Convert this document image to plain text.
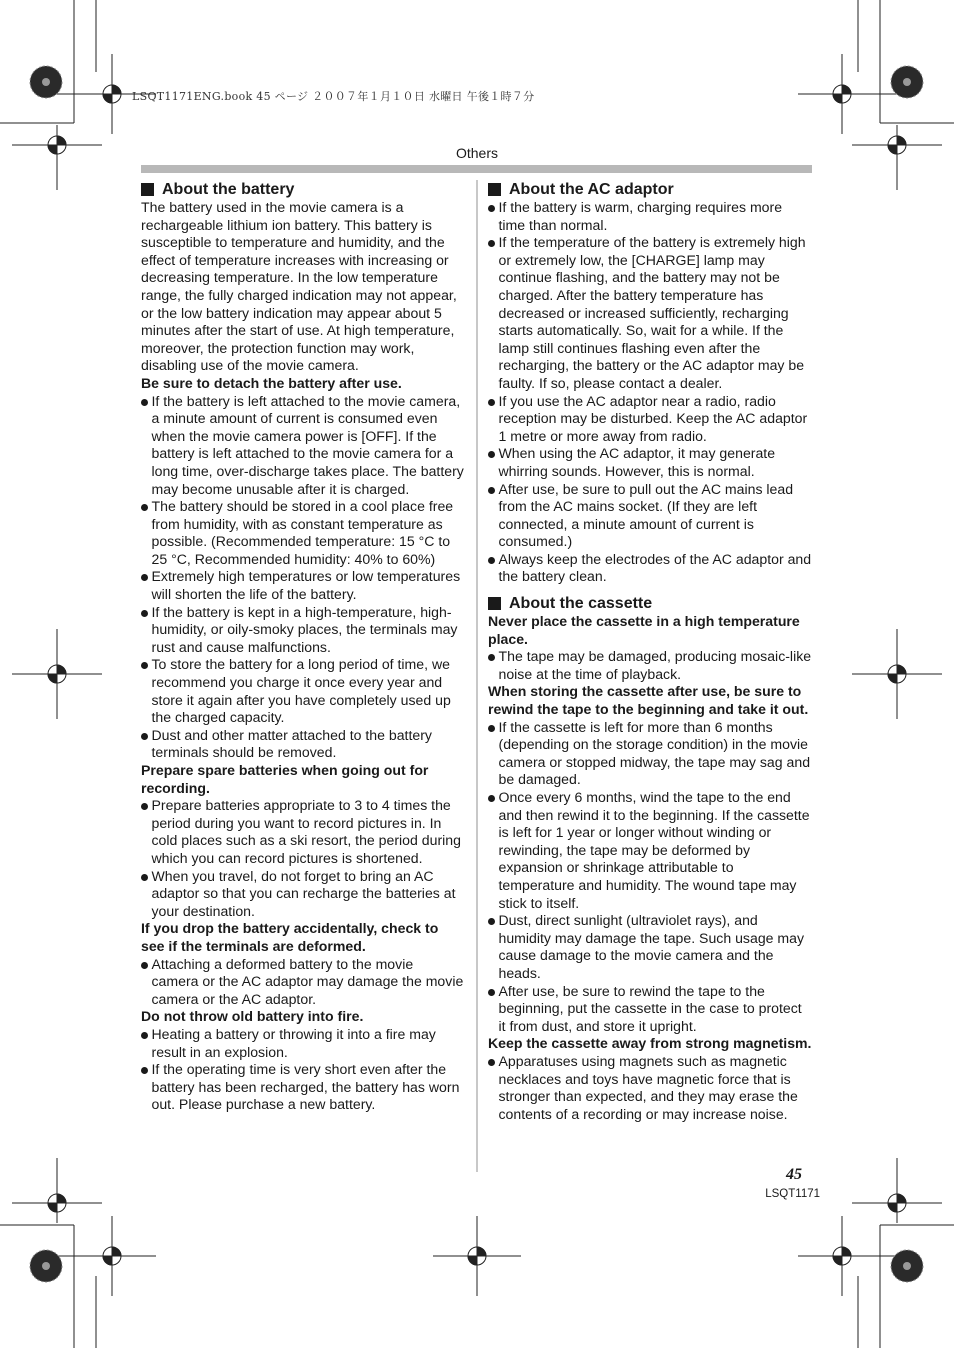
LSQT1171ENG.book 45 ページ ２００７年１月１０日 水曜日 午後１時７分
Others
About the battery

The battery used in the movie camera is a rechargeable lithium ion battery. This battery is susceptible to temperature and humidity, and the effect of temperature increases with increasing or decreasing temperature. In the low temperature range, the fully charged indication may not appear, or the low battery indication may appear about 5 minutes after the start of use. At high temperature, moreover, the protection function may work, disabling use of the movie camera.

Be sure to detach the battery after use.

If the battery is left attached to the movie camera, a minute amount of current is consumed even when the movie camera power is [OFF]. If the battery is left attached to the movie camera for a long time, over-discharge takes place. The battery may become unusable after it is charged.
The battery should be stored in a cool place free from humidity, with as constant temperature as possible. (Recommended temperature: 15 °C to 25 °C, Recommended humidity: 40% to 60%)
Extremely high temperatures or low temperatures will shorten the life of the battery.
If the battery is kept in a high-temperature, high-humidity, or oily-smoky places, the terminals may rust and cause malfunctions.
To store the battery for a long period of time, we recommend you charge it once every year and store it again after you have completely used up the charged capacity.
Dust and other matter attached to the battery terminals should be removed.

Prepare spare batteries when going out for recording.

Prepare batteries appropriate to 3 to 4 times the period during you want to record pictures in. In cold places such as a ski resort, the period during which you can record pictures is shortened.
When you travel, do not forget to bring an AC adaptor so that you can recharge the batteries at your destination.

If you drop the battery accidentally, check to see if the terminals are deformed.

Attaching a deformed battery to the movie camera or the AC adaptor may damage the movie camera or the AC adaptor.

Do not throw old battery into fire.

Heating a battery or throwing it into a fire may result in an explosion.
If the operating time is very short even after the battery has been recharged, the battery has worn out. Please purchase a new battery.
About the AC adaptor
If the battery is warm, charging requires more time than normal.
If the temperature of the battery is extremely high or extremely low, the [CHARGE] lamp may continue flashing, and the battery may not be charged. After the battery temperature has decreased or increased sufficiently, recharging starts automatically. So, wait for a while. If the lamp still continues flashing even after the recharging, the battery or the AC adaptor may be faulty. If so, please contact a dealer.
If you use the AC adaptor near a radio, radio reception may be disturbed. Keep the AC adaptor 1 metre or more away from radio.
When using the AC adaptor, it may generate whirring sounds. However, this is normal.
After use, be sure to pull out the AC mains lead from the AC mains socket. (If they are left connected, a minute amount of current is consumed.)
Always keep the electrodes of the AC adaptor and the battery clean.
About the cassette

Never place the cassette in a high temperature place.

The tape may be damaged, producing mosaic-like noise at the time of playback.

When storing the cassette after use, be sure to rewind the tape to the beginning and take it out.

If the cassette is left for more than 6 months (depending on the storage condition) in the movie camera or stopped midway, the tape may sag and be damaged.
Once every 6 months, wind the tape to the end and then rewind it to the beginning. If the cassette is left for 1 year or longer without winding or rewinding, the tape may be deformed by expansion or shrinkage attributable to temperature and humidity. The wound tape may stick to itself.
Dust, direct sunlight (ultraviolet rays), and humidity may damage the tape. Such usage may cause damage to the movie camera and the heads.
After use, be sure to rewind the tape to the beginning, put the cassette in the case to protect it from dust, and store it upright.

Keep the cassette away from strong magnetism.

Apparatuses using magnets such as magnetic necklaces and toys have magnetic force that is stronger than expected, and they may erase the contents of a recording or may increase noise.
45
LSQT1171
